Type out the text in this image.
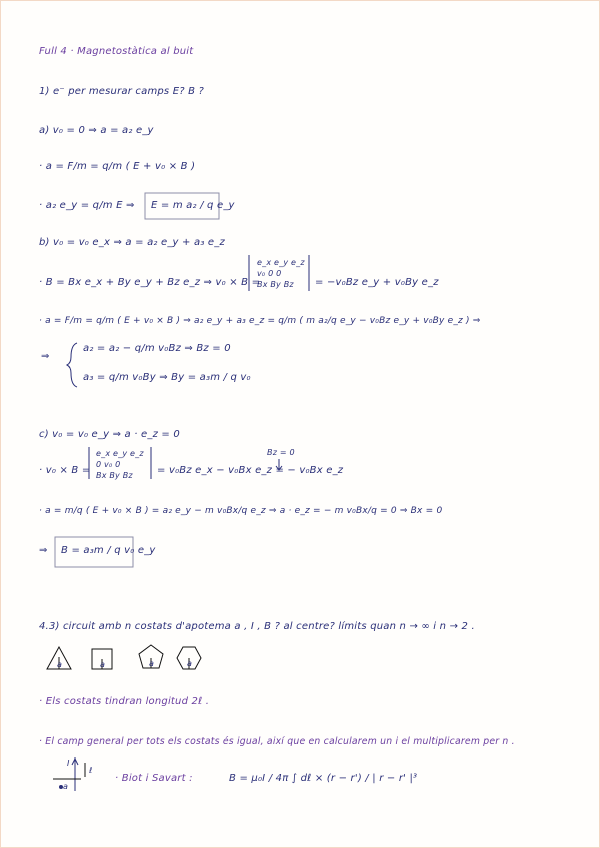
Full 4 · Magnetostàtica al buit
1) e⁻ per mesurar camps E? B ?
a) v₀ = 0 ⇒ a = a₂ e_y
· a = F/m = q/m ( E + v₀ × B )
· a₂ e_y = q/m E ⇒ E = m a₂ / q e_y
b) v₀ = v₀ e_x ⇒ a = a₂ e_y + a₃ e_z
· B = Bx e_x + By e_y + Bz e_z ⇒ v₀ × B =
e_x e_y e_z
v₀ 0 0
Bx By Bz = −v₀Bz e_y + v₀By e_z
· a = F/m = q/m ( E + v₀ × B ) ⇒ a₂ e_y + a₃ e_z = q/m ( m a₂/q e_y − v₀Bz e_y + v₀By e_z ) ⇒
⇒
a₂ = a₂ − q/m v₀Bz ⇒ Bz = 0
a₃ = q/m v₀By ⇒ By = a₃m / q v₀
c) v₀ = v₀ e_y ⇒ a · e_z = 0
Bz = 0
· v₀ × B =
e_x e_y e_z
0 v₀ 0
Bx By Bz = v₀Bz e_x − v₀Bx e_z = − v₀Bx e_z
· a = m/q ( E + v₀ × B ) = a₂ e_y − m v₀Bx/q e_z ⇒ a · e_z = − m v₀Bx/q = 0 ⇒ Bx = 0
⇒ B = a₃m / q v₀ e_y
4.3) circuit amb n costats d'apotema a , I , B ? al centre? límits quan n → ∞ i n → 2 .
a	a	a	a
· Els costats tindran longitud 2ℓ .
· El camp general per tots els costats és igual, així que en calcularem un i el multiplicarem per n .
I
ℓ
a
· Biot i Savart :	B = μ₀I / 4π ∫ dℓ × (r − r') / | r − r' |³
